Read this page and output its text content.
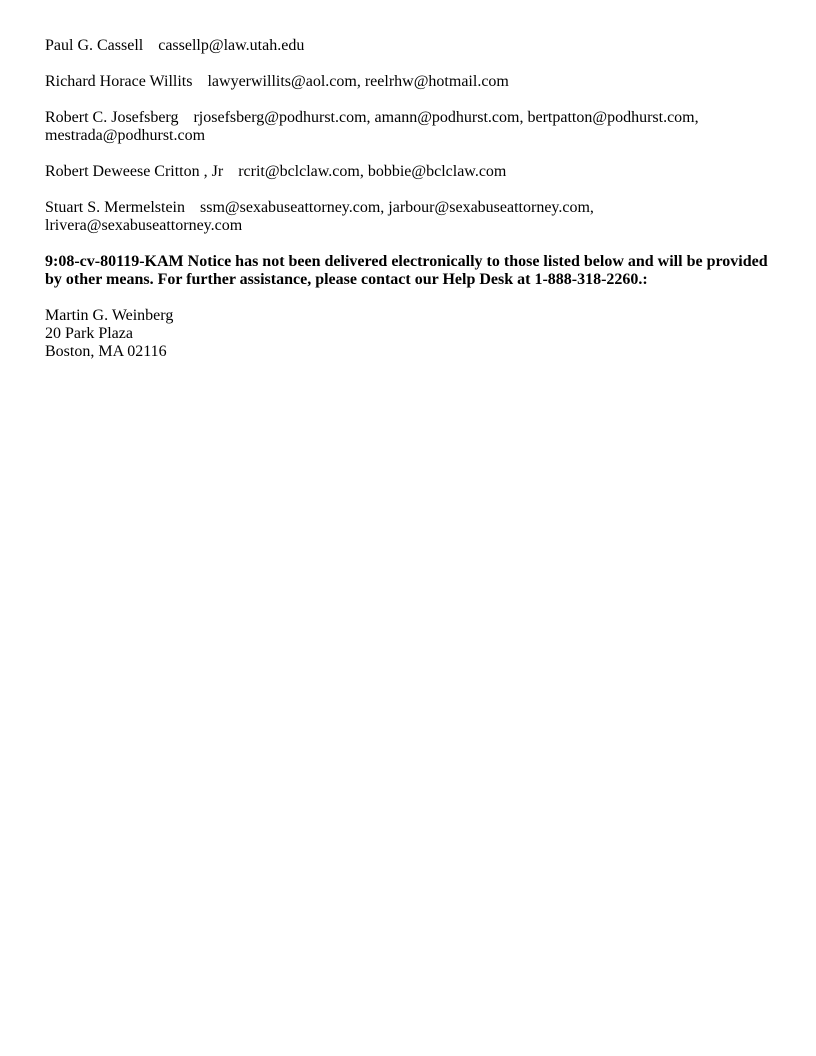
Paul G. Cassell cassellp@law.utah.edu
Richard Horace Willits lawyerwillits@aol.com, reelrhw@hotmail.com
Robert C. Josefsberg rjosefsberg@podhurst.com, amann@podhurst.com, bertpatton@podhurst.com, mestrada@podhurst.com
Robert Deweese Critton , Jr rcrit@bclclaw.com, bobbie@bclclaw.com
Stuart S. Mermelstein ssm@sexabuseattorney.com, jarbour@sexabuseattorney.com, lrivera@sexabuseattorney.com
9:08-cv-80119-KAM Notice has not been delivered electronically to those listed below and will be provided by other means. For further assistance, please contact our Help Desk at 1-888-318-2260.:
Martin G. Weinberg
20 Park Plaza
Boston, MA 02116
